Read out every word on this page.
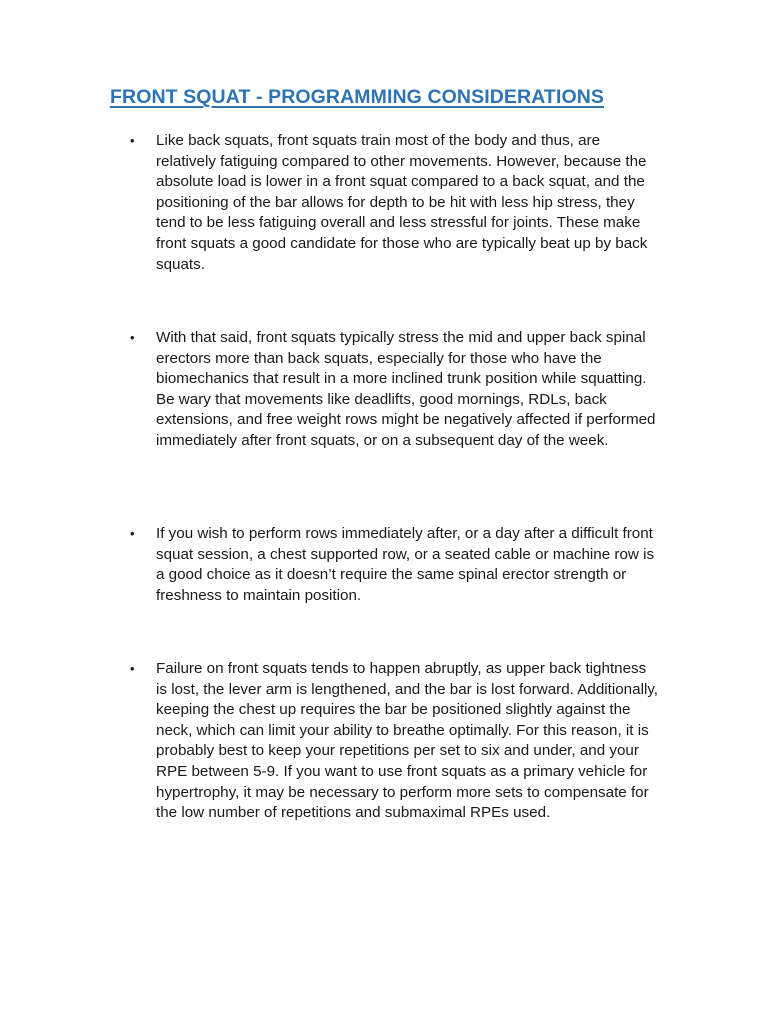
FRONT SQUAT - PROGRAMMING CONSIDERATIONS
• Like back squats, front squats train most of the body and thus, are relatively fatiguing compared to other movements. However, because the absolute load is lower in a front squat compared to a back squat, and the positioning of the bar allows for depth to be hit with less hip stress, they tend to be less fatiguing overall and less stressful for joints. These make front squats a good candidate for those who are typically beat up by back squats.
• With that said, front squats typically stress the mid and upper back spinal erectors more than back squats, especially for those who have the biomechanics that result in a more inclined trunk position while squatting. Be wary that movements like deadlifts, good mornings, RDLs, back extensions, and free weight rows might be negatively affected if performed immediately after front squats, or on a subsequent day of the week.
• If you wish to perform rows immediately after, or a day after a difficult front squat session, a chest supported row, or a seated cable or machine row is a good choice as it doesn’t require the same spinal erector strength or freshness to maintain position.
• Failure on front squats tends to happen abruptly, as upper back tightness is lost, the lever arm is lengthened, and the bar is lost forward. Additionally, keeping the chest up requires the bar be positioned slightly against the neck, which can limit your ability to breathe optimally. For this reason, it is probably best to keep your repetitions per set to six and under, and your RPE between 5-9. If you want to use front squats as a primary vehicle for hypertrophy, it may be necessary to perform more sets to compensate for the low number of repetitions and submaximal RPEs used.
